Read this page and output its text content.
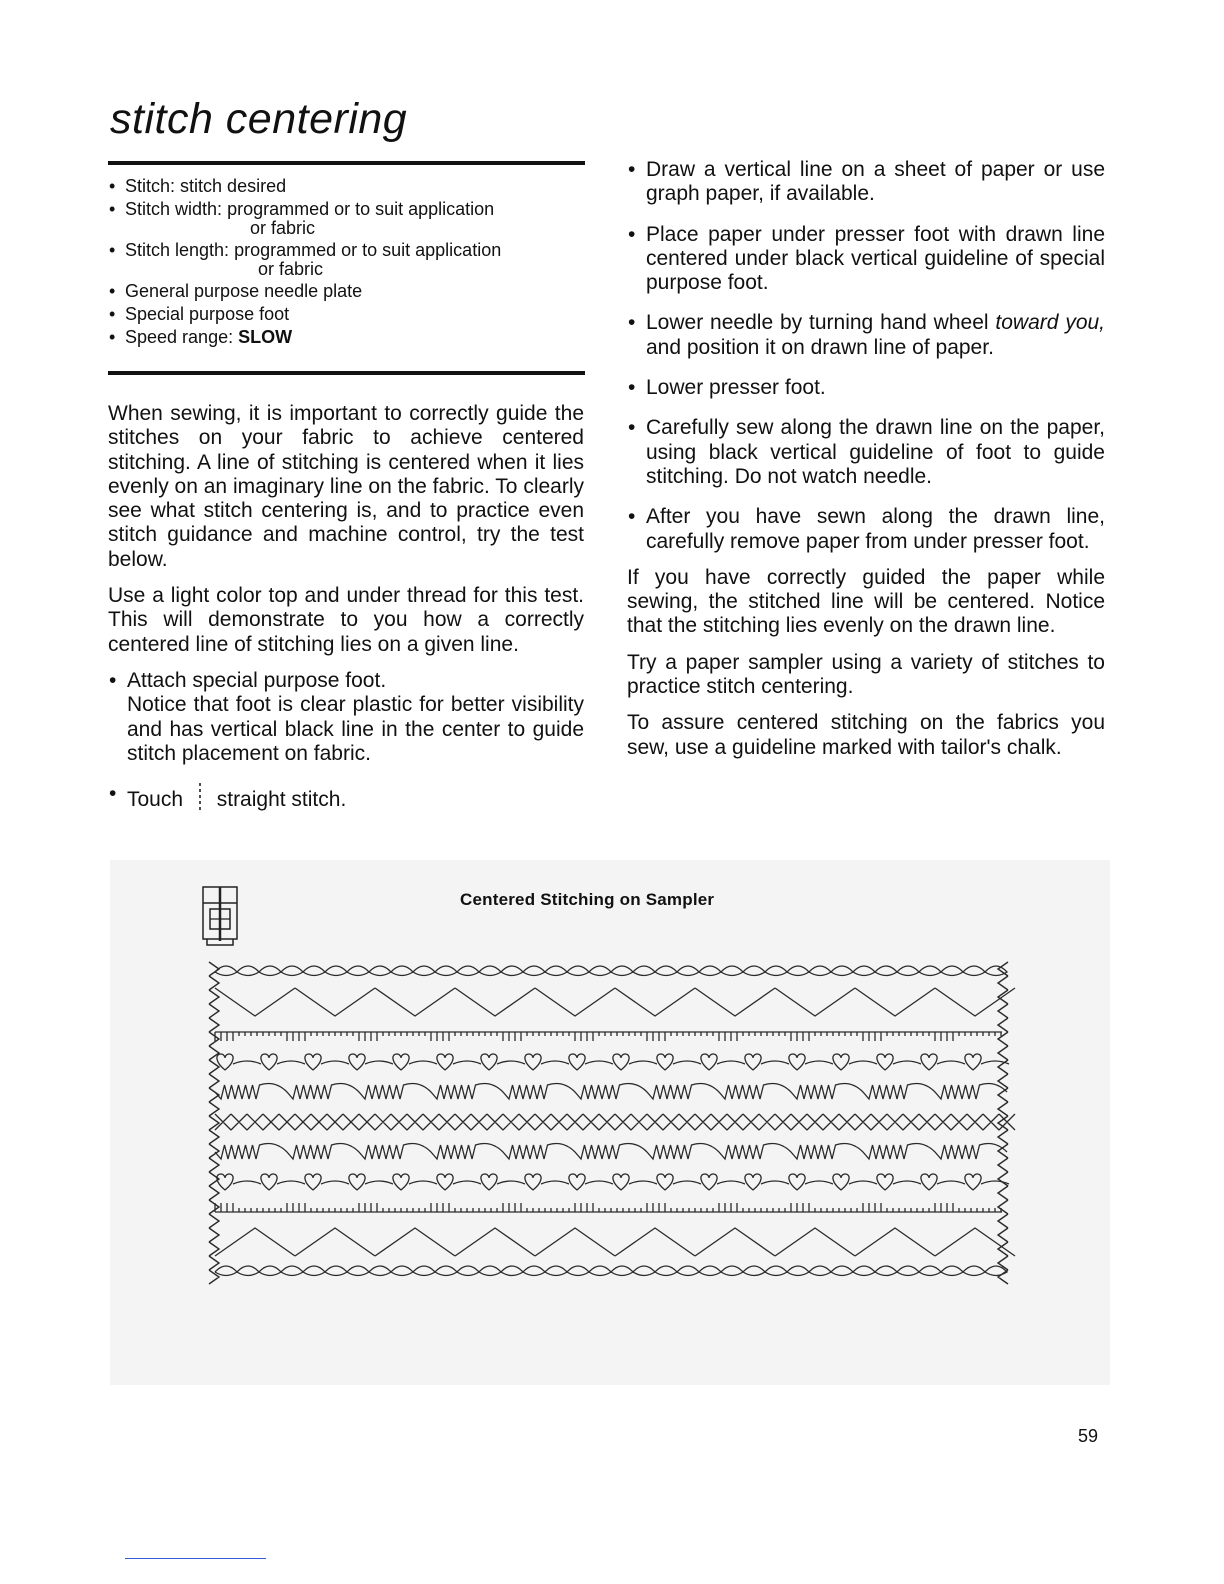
stitch centering
• Stitch: stitch desired
• Stitch width: programmed or to suit application
or fabric
• Stitch length: programmed or to suit application
or fabric
• General purpose needle plate
• Special purpose foot
• Speed range: SLOW

When sewing, it is important to correctly guide the stitches on your fabric to achieve centered stitching. A line of stitching is centered when it lies evenly on an imaginary line on the fabric. To clearly see what stitch centering is, and to practice even stitch guidance and machine control, try the test below.

Use a light color top and under thread for this test. This will demonstrate to you how a correctly centered line of stitching lies on a given line.

• Attach special purpose foot.
Notice that foot is clear plastic for better visibility and has vertical black line in the center to guide stitch placement on fabric.
• Touch straight stitch.
• Draw a vertical line on a sheet of paper or use graph paper, if available.
• Place paper under presser foot with drawn line centered under black vertical guideline of special purpose foot.
• Lower needle by turning hand wheel toward you, and position it on drawn line of paper.
• Lower presser foot.
• Carefully sew along the drawn line on the paper, using black vertical guideline of foot to guide stitching. Do not watch needle.
• After you have sewn along the drawn line, carefully remove paper from under presser foot.

If you have correctly guided the paper while sewing, the stitched line will be centered. Notice that the stitching lies evenly on the drawn line.

Try a paper sampler using a variety of stitches to practice stitch centering.

To assure centered stitching on the fabrics you sew, use a guideline marked with tailor's chalk.

Centered Stitching on Sampler

59
